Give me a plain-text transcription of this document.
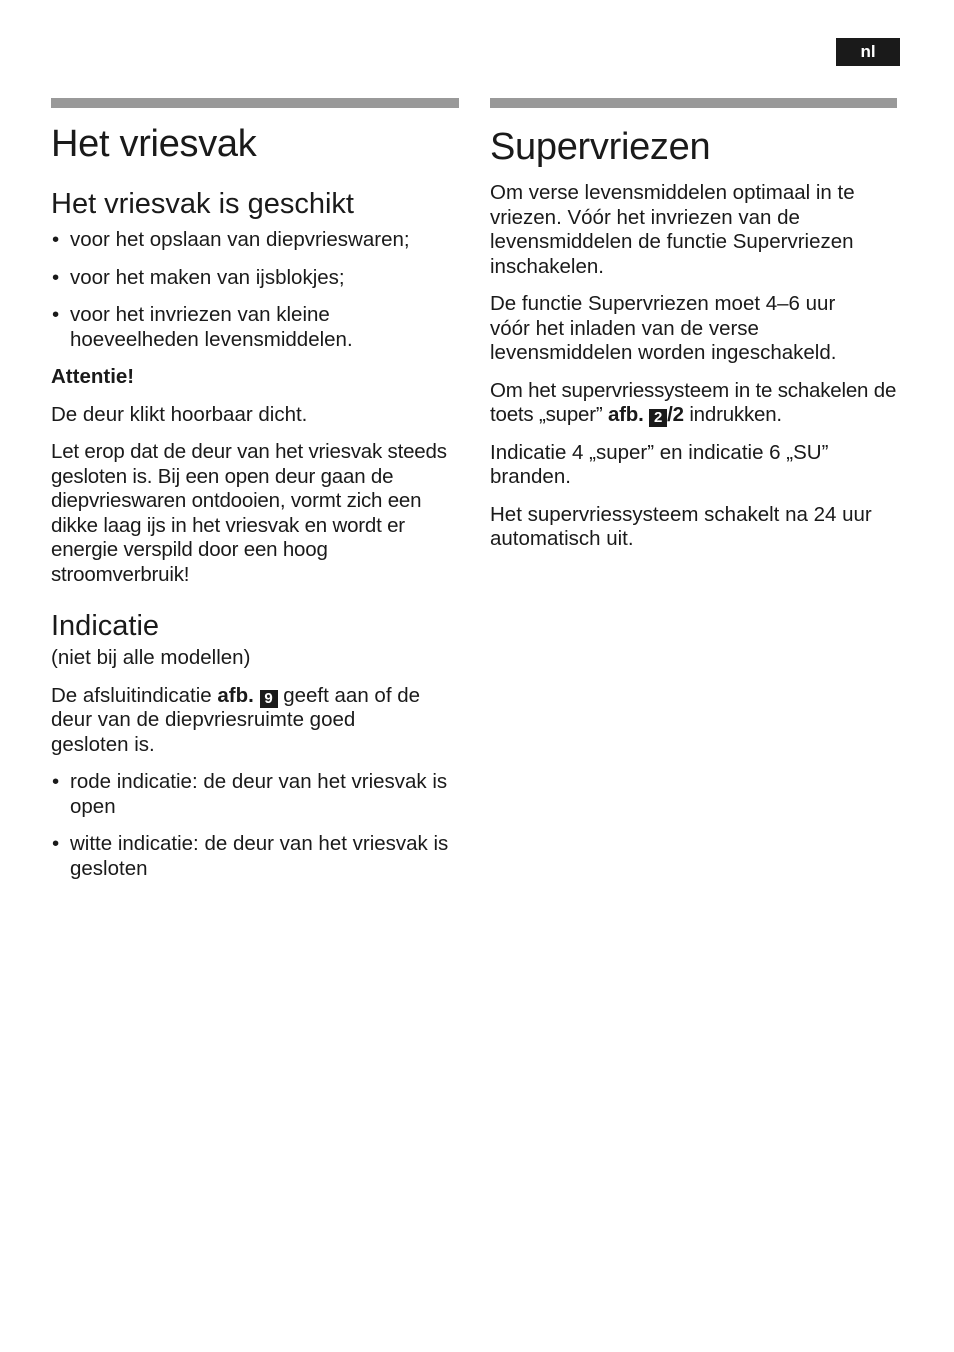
nl
Het vriesvak
Het vriesvak is geschikt
• voor het opslaan van diepvrieswaren;
• voor het maken van ijsblokjes;
• voor het invriezen van kleine hoeveelheden levensmiddelen.

Attentie!

De deur klikt hoorbaar dicht.

Let erop dat de deur van het vriesvak steeds gesloten is. Bij een open deur gaan de diepvrieswaren ontdooien, vormt zich een dikke laag ijs in het vriesvak en wordt er energie verspild door een hoog stroomverbruik!

Indicatie

(niet bij alle modellen)

De afsluitindicatie afb. 9 geeft aan of de deur van de diepvriesruimte goed gesloten is.

• rode indicatie: de deur van het vriesvak is open
• witte indicatie: de deur van het vriesvak is gesloten
Supervriezen

Om verse levensmiddelen optimaal in te vriezen. Vóór het invriezen van de levensmiddelen de functie Supervriezen inschakelen.

De functie Supervriezen moet 4–6 uur vóór het inladen van de verse levensmiddelen worden ingeschakeld.

Om het supervriessysteem in te schakelen de toets „super” afb. 2 /2 indrukken.

Indicatie 4 „super” en indicatie 6 „SU” branden.

Het supervriessysteem schakelt na 24 uur automatisch uit.
